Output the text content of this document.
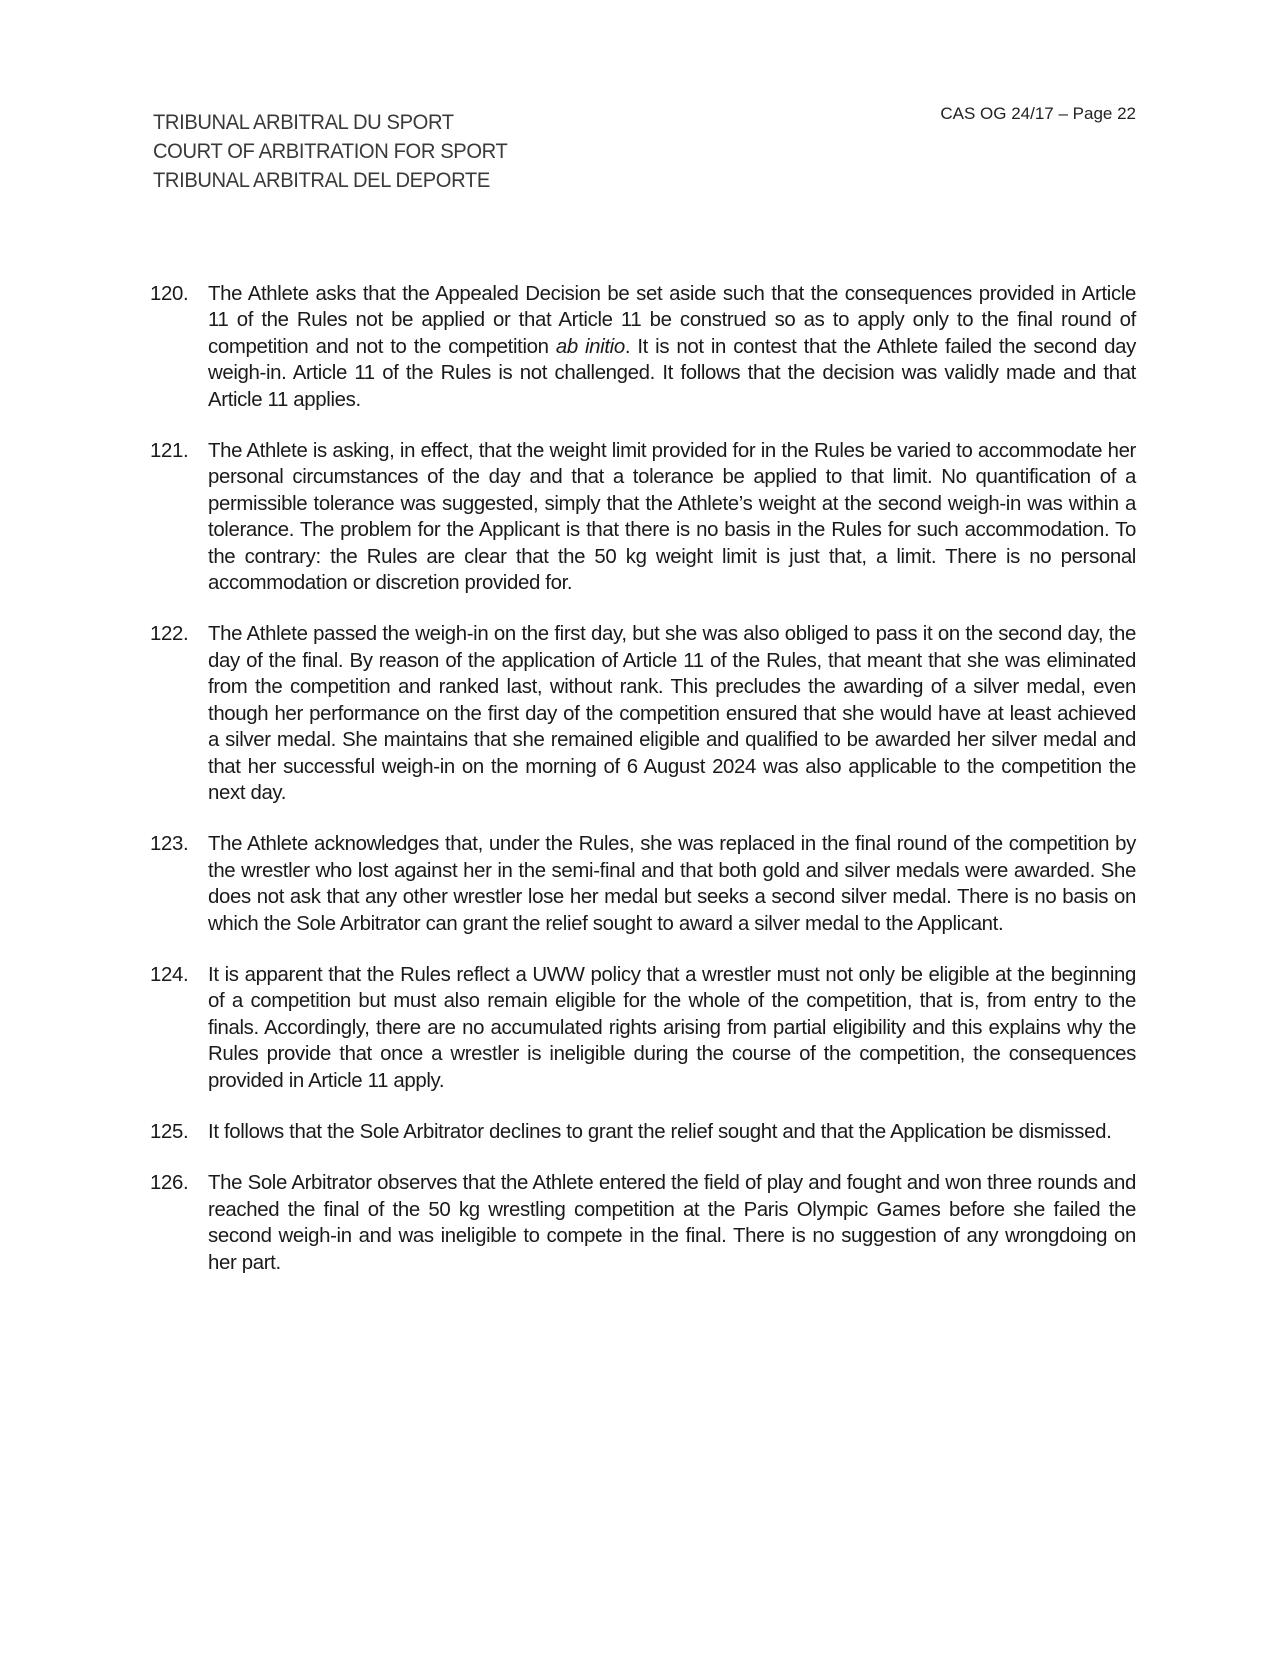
TRIBUNAL ARBITRAL DU SPORT
COURT OF ARBITRATION FOR SPORT
TRIBUNAL ARBITRAL DEL DEPORTE
CAS OG 24/17 – Page 22
120. The Athlete asks that the Appealed Decision be set aside such that the consequences provided in Article 11 of the Rules not be applied or that Article 11 be construed so as to apply only to the final round of competition and not to the competition ab initio. It is not in contest that the Athlete failed the second day weigh-in. Article 11 of the Rules is not challenged. It follows that the decision was validly made and that Article 11 applies.
121. The Athlete is asking, in effect, that the weight limit provided for in the Rules be varied to accommodate her personal circumstances of the day and that a tolerance be applied to that limit. No quantification of a permissible tolerance was suggested, simply that the Athlete’s weight at the second weigh-in was within a tolerance. The problem for the Applicant is that there is no basis in the Rules for such accommodation. To the contrary: the Rules are clear that the 50 kg weight limit is just that, a limit. There is no personal accommodation or discretion provided for.
122. The Athlete passed the weigh-in on the first day, but she was also obliged to pass it on the second day, the day of the final. By reason of the application of Article 11 of the Rules, that meant that she was eliminated from the competition and ranked last, without rank. This precludes the awarding of a silver medal, even though her performance on the first day of the competition ensured that she would have at least achieved a silver medal. She maintains that she remained eligible and qualified to be awarded her silver medal and that her successful weigh-in on the morning of 6 August 2024 was also applicable to the competition the next day.
123. The Athlete acknowledges that, under the Rules, she was replaced in the final round of the competition by the wrestler who lost against her in the semi-final and that both gold and silver medals were awarded. She does not ask that any other wrestler lose her medal but seeks a second silver medal. There is no basis on which the Sole Arbitrator can grant the relief sought to award a silver medal to the Applicant.
124. It is apparent that the Rules reflect a UWW policy that a wrestler must not only be eligible at the beginning of a competition but must also remain eligible for the whole of the competition, that is, from entry to the finals. Accordingly, there are no accumulated rights arising from partial eligibility and this explains why the Rules provide that once a wrestler is ineligible during the course of the competition, the consequences provided in Article 11 apply.
125. It follows that the Sole Arbitrator declines to grant the relief sought and that the Application be dismissed.
126. The Sole Arbitrator observes that the Athlete entered the field of play and fought and won three rounds and reached the final of the 50 kg wrestling competition at the Paris Olympic Games before she failed the second weigh-in and was ineligible to compete in the final. There is no suggestion of any wrongdoing on her part.
